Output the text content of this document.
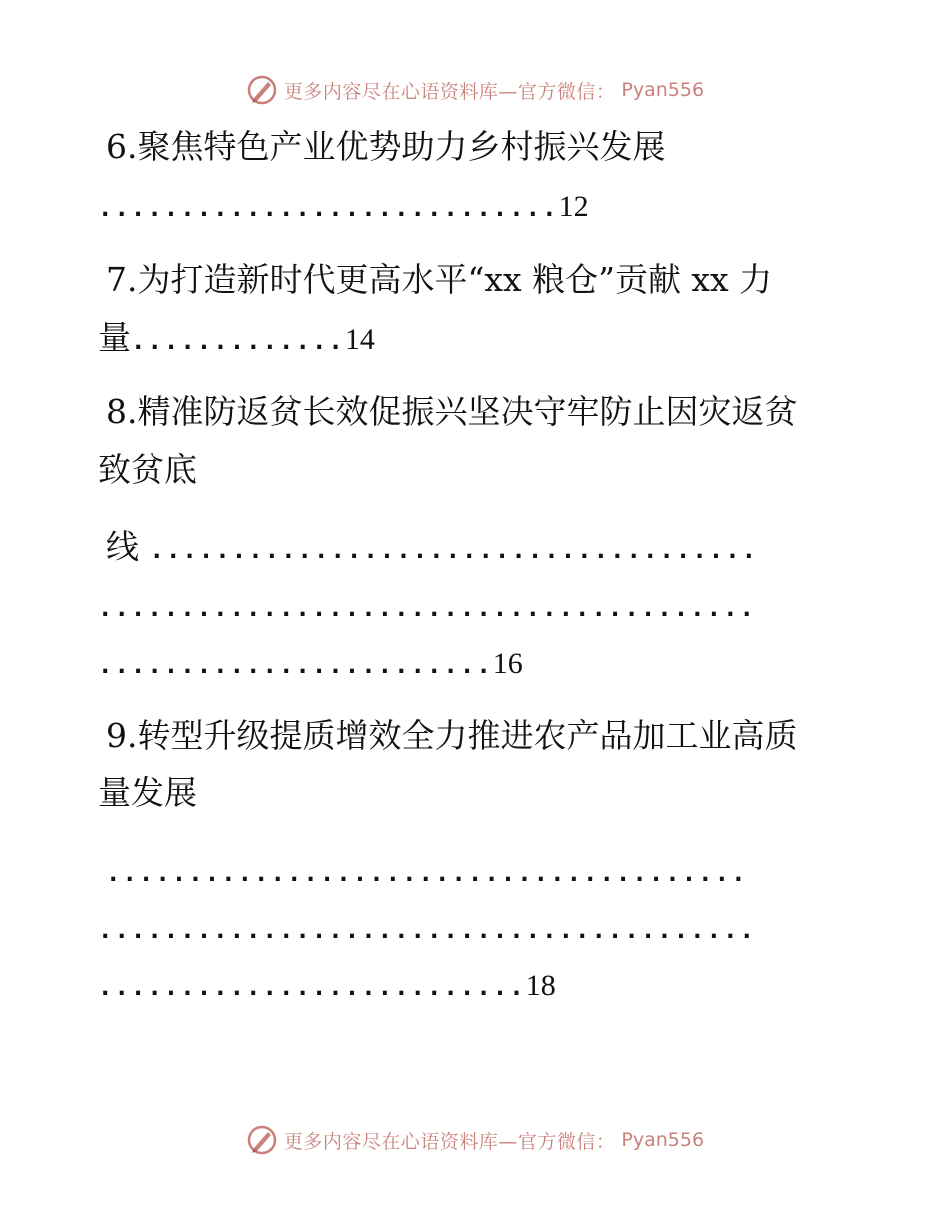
更多内容尽在心语资料库—官方微信： Pyan556
6.聚焦特色产业优势助力乡村振兴发展
............................12
7.为打造新时代更高水平“xx 粮仓”贡献 xx 力
量.............14
8.精准防返贫长效促振兴坚决守牢防止因灾返贫
致贫底
线 .....................................
........................................
........................16
9.转型升级提质增效全力推进农产品加工业高质
量发展
.......................................
........................................
..........................18
更多内容尽在心语资料库—官方微信： Pyan556
